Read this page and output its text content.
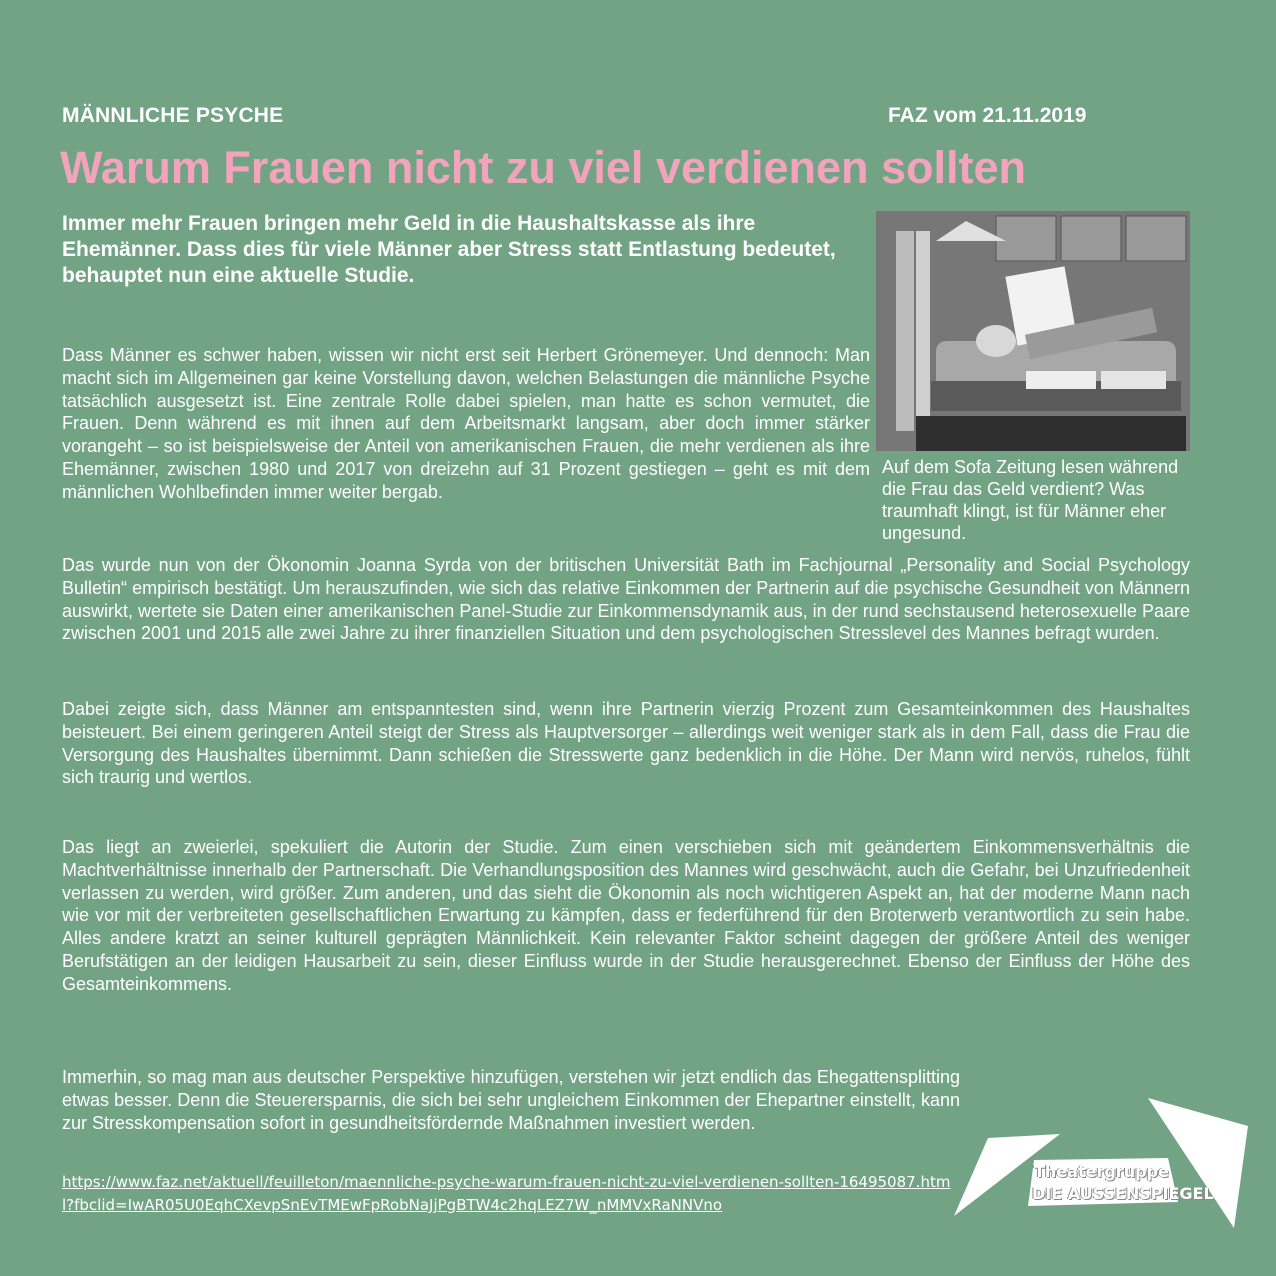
MÄNNLICHE PSYCHE	FAZ vom 21.11.2019
Warum Frauen nicht zu viel verdienen sollten
Immer mehr Frauen bringen mehr Geld in die Haushaltskasse als ihre Ehemänner. Dass dies für viele Männer aber Stress statt Entlastung bedeutet, behauptet nun eine aktuelle Studie.
Auf dem Sofa Zeitung lesen während die Frau das Geld verdient? Was traumhaft klingt, ist für Männer eher ungesund.
Dass Männer es schwer haben, wissen wir nicht erst seit Herbert Grönemeyer. Und dennoch: Man macht sich im Allgemeinen gar keine Vorstellung davon, welchen Belastungen die männliche Psyche tatsächlich ausgesetzt ist. Eine zentrale Rolle dabei spielen, man hatte es schon vermutet, die Frauen. Denn während es mit ihnen auf dem Arbeitsmarkt langsam, aber doch immer stärker vorangeht – so ist beispielsweise der Anteil von amerikanischen Frauen, die mehr verdienen als ihre Ehemänner, zwischen 1980 und 2017 von dreizehn auf 31 Prozent gestiegen – geht es mit dem männlichen Wohlbefinden immer weiter bergab.
Das wurde nun von der Ökonomin Joanna Syrda von der britischen Universität Bath im Fachjournal „Personality and Social Psychology Bulletin“ empirisch bestätigt. Um herauszufinden, wie sich das relative Einkommen der Partnerin auf die psychische Gesundheit von Männern auswirkt, wertete sie Daten einer amerikanischen Panel-Studie zur Einkommensdynamik aus, in der rund sechstausend heterosexuelle Paare zwischen 2001 und 2015 alle zwei Jahre zu ihrer finanziellen Situation und dem psychologischen Stresslevel des Mannes befragt wurden.
Dabei zeigte sich, dass Männer am entspanntesten sind, wenn ihre Partnerin vierzig Prozent zum Gesamteinkommen des Haushaltes beisteuert. Bei einem geringeren Anteil steigt der Stress als Hauptversorger – allerdings weit weniger stark als in dem Fall, dass die Frau die Versorgung des Haushaltes übernimmt. Dann schießen die Stresswerte ganz bedenklich in die Höhe. Der Mann wird nervös, ruhelos, fühlt sich traurig und wertlos.
Das liegt an zweierlei, spekuliert die Autorin der Studie. Zum einen verschieben sich mit geändertem Einkommensverhältnis die Machtverhältnisse innerhalb der Partnerschaft. Die Verhandlungsposition des Mannes wird geschwächt, auch die Gefahr, bei Unzufriedenheit verlassen zu werden, wird größer. Zum anderen, und das sieht die Ökonomin als noch wichtigeren Aspekt an, hat der moderne Mann nach wie vor mit der verbreiteten gesellschaftlichen Erwartung zu kämpfen, dass er federführend für den Broterwerb verantwortlich zu sein habe. Alles andere kratzt an seiner kulturell geprägten Männlichkeit. Kein relevanter Faktor scheint dagegen der größere Anteil des weniger Berufstätigen an der leidigen Hausarbeit zu sein, dieser Einfluss wurde in der Studie herausgerechnet. Ebenso der Einfluss der Höhe des Gesamteinkommens.
Immerhin, so mag man aus deutscher Perspektive hinzufügen, verstehen wir jetzt endlich das Ehegattensplitting etwas besser. Denn die Steuerersparnis, die sich bei sehr ungleichem Einkommen der Ehepartner einstellt, kann zur Stresskompensation sofort in gesundheitsfördernde Maßnahmen investiert werden.
https://www.faz.net/aktuell/feuilleton/maennliche-psyche-warum-frauen-nicht-zu-viel-verdienen-sollten-16495087.html?fbclid=IwAR05U0EqhCXevpSnEvTMEwFpRobNaJjPgBTW4c2hqLEZ7W_nMMVxRaNNVno
Theatergruppe
DIE AUSSENSPIEGEL
